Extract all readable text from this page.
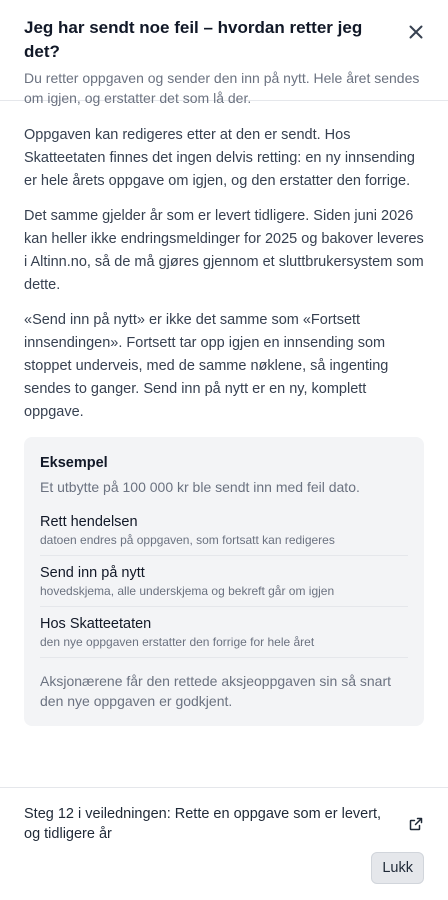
Jeg har sendt noe feil – hvordan retter jeg det?
Du retter oppgaven og sender den inn på nytt. Hele året sendes om igjen, og erstatter det som lå der.

Oppgaven kan redigeres etter at den er sendt. Hos Skatteetaten finnes det ingen delvis retting: en ny innsending er hele årets oppgave om igjen, og den erstatter den forrige.

Det samme gjelder år som er levert tidligere. Siden juni 2026 kan heller ikke endringsmeldinger for 2025 og bakover leveres i Altinn.no, så de må gjøres gjennom et sluttbrukersystem som dette.

«Send inn på nytt» er ikke det samme som «Fortsett innsendingen». Fortsett tar opp igjen en innsending som stoppet underveis, med de samme nøklene, så ingenting sendes to ganger. Send inn på nytt er en ny, komplett oppgave.

Eksempel
Et utbytte på 100 000 kr ble sendt inn med feil dato.
Rett hendelsen
datoen endres på oppgaven, som fortsatt kan redigeres
Send inn på nytt
hovedskjema, alle underskjema og bekreft går om igjen
Hos Skatteetaten
den nye oppgaven erstatter den forrige for hele året
Aksjonærene får den rettede aksjeoppgaven sin så snart den nye oppgaven er godkjent.
Steg 12 i veiledningen: Rette en oppgave som er levert, og tidligere år
Lukk
